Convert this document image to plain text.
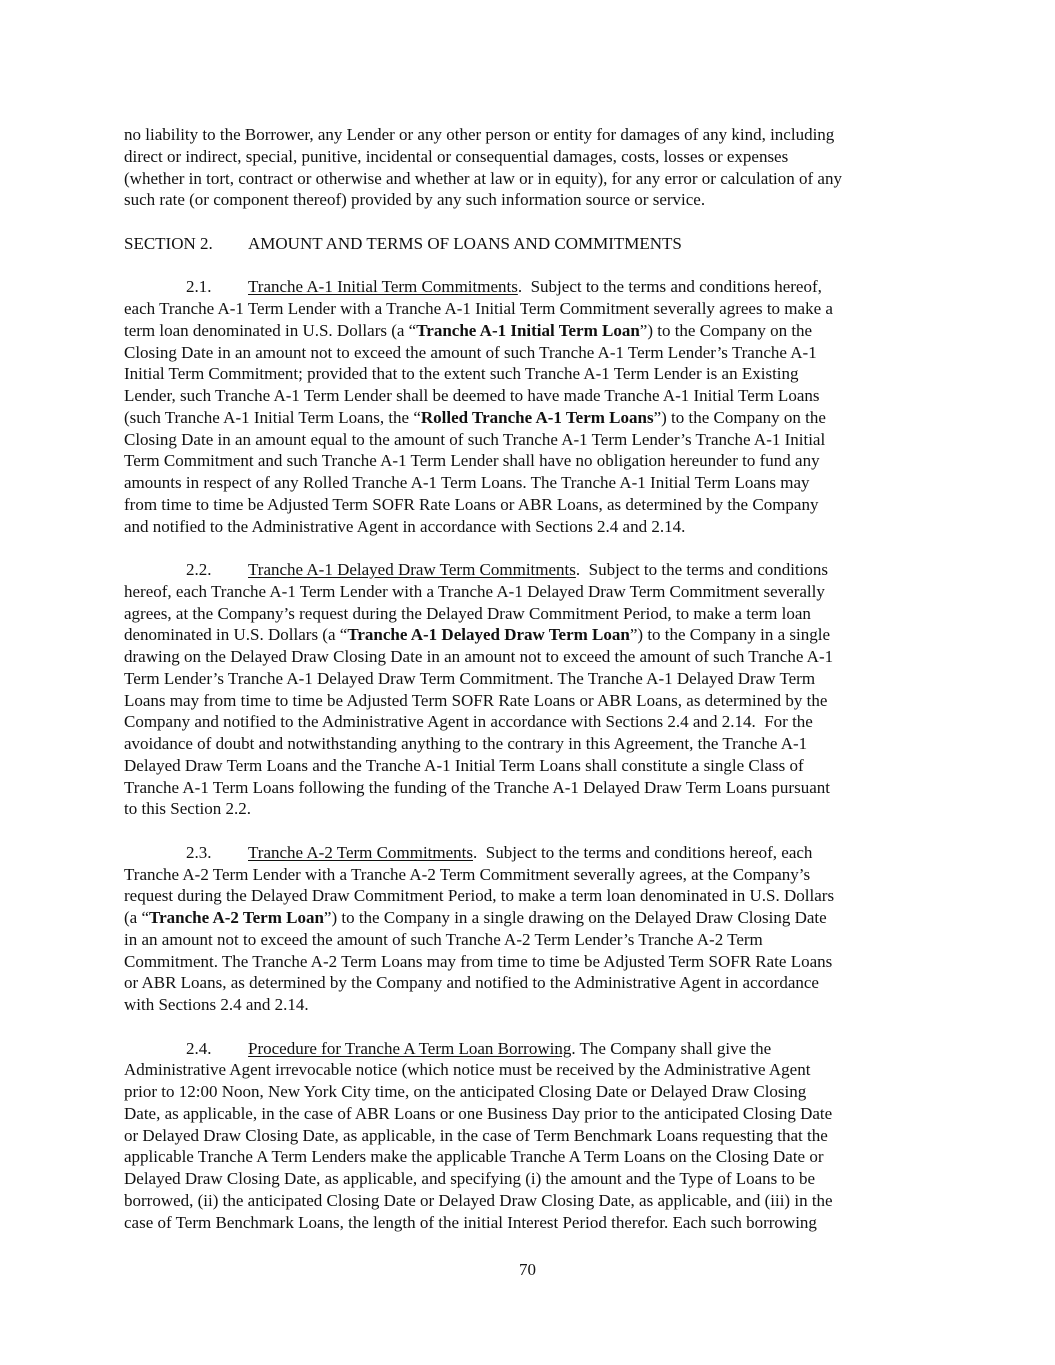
no liability to the Borrower, any Lender or any other person or entity for damages of any kind, including
direct or indirect, special, punitive, incidental or consequential damages, costs, losses or expenses
(whether in tort, contract or otherwise and whether at law or in equity), for any error or calculation of any
such rate (or component thereof) provided by any such information source or service.
SECTION 2. AMOUNT AND TERMS OF LOANS AND COMMITMENTS
2.1. Tranche A-1 Initial Term Commitments.  Subject to the terms and conditions hereof,
each Tranche A-1 Term Lender with a Tranche A-1 Initial Term Commitment severally agrees to make a
term loan denominated in U.S. Dollars (a “Tranche A-1 Initial Term Loan”) to the Company on the
Closing Date in an amount not to exceed the amount of such Tranche A-1 Term Lender’s Tranche A-1
Initial Term Commitment; provided that to the extent such Tranche A-1 Term Lender is an Existing
Lender, such Tranche A-1 Term Lender shall be deemed to have made Tranche A-1 Initial Term Loans
(such Tranche A-1 Initial Term Loans, the “Rolled Tranche A-1 Term Loans”) to the Company on the
Closing Date in an amount equal to the amount of such Tranche A-1 Term Lender’s Tranche A-1 Initial
Term Commitment and such Tranche A-1 Term Lender shall have no obligation hereunder to fund any
amounts in respect of any Rolled Tranche A-1 Term Loans. The Tranche A-1 Initial Term Loans may
from time to time be Adjusted Term SOFR Rate Loans or ABR Loans, as determined by the Company
and notified to the Administrative Agent in accordance with Sections 2.4 and 2.14.
2.2. Tranche A-1 Delayed Draw Term Commitments.  Subject to the terms and conditions
hereof, each Tranche A-1 Term Lender with a Tranche A-1 Delayed Draw Term Commitment severally
agrees, at the Company’s request during the Delayed Draw Commitment Period, to make a term loan
denominated in U.S. Dollars (a “Tranche A-1 Delayed Draw Term Loan”) to the Company in a single
drawing on the Delayed Draw Closing Date in an amount not to exceed the amount of such Tranche A-1
Term Lender’s Tranche A-1 Delayed Draw Term Commitment. The Tranche A-1 Delayed Draw Term
Loans may from time to time be Adjusted Term SOFR Rate Loans or ABR Loans, as determined by the
Company and notified to the Administrative Agent in accordance with Sections 2.4 and 2.14.  For the
avoidance of doubt and notwithstanding anything to the contrary in this Agreement, the Tranche A-1
Delayed Draw Term Loans and the Tranche A-1 Initial Term Loans shall constitute a single Class of
Tranche A-1 Term Loans following the funding of the Tranche A-1 Delayed Draw Term Loans pursuant
to this Section 2.2.
2.3. Tranche A-2 Term Commitments.  Subject to the terms and conditions hereof, each
Tranche A-2 Term Lender with a Tranche A-2 Term Commitment severally agrees, at the Company’s
request during the Delayed Draw Commitment Period, to make a term loan denominated in U.S. Dollars
(a “Tranche A-2 Term Loan”) to the Company in a single drawing on the Delayed Draw Closing Date
in an amount not to exceed the amount of such Tranche A-2 Term Lender’s Tranche A-2 Term
Commitment. The Tranche A-2 Term Loans may from time to time be Adjusted Term SOFR Rate Loans
or ABR Loans, as determined by the Company and notified to the Administrative Agent in accordance
with Sections 2.4 and 2.14.
2.4. Procedure for Tranche A Term Loan Borrowing. The Company shall give the
Administrative Agent irrevocable notice (which notice must be received by the Administrative Agent
prior to 12:00 Noon, New York City time, on the anticipated Closing Date or Delayed Draw Closing
Date, as applicable, in the case of ABR Loans or one Business Day prior to the anticipated Closing Date
or Delayed Draw Closing Date, as applicable, in the case of Term Benchmark Loans requesting that the
applicable Tranche A Term Lenders make the applicable Tranche A Term Loans on the Closing Date or
Delayed Draw Closing Date, as applicable, and specifying (i) the amount and the Type of Loans to be
borrowed, (ii) the anticipated Closing Date or Delayed Draw Closing Date, as applicable, and (iii) in the
case of Term Benchmark Loans, the length of the initial Interest Period therefor. Each such borrowing
70
